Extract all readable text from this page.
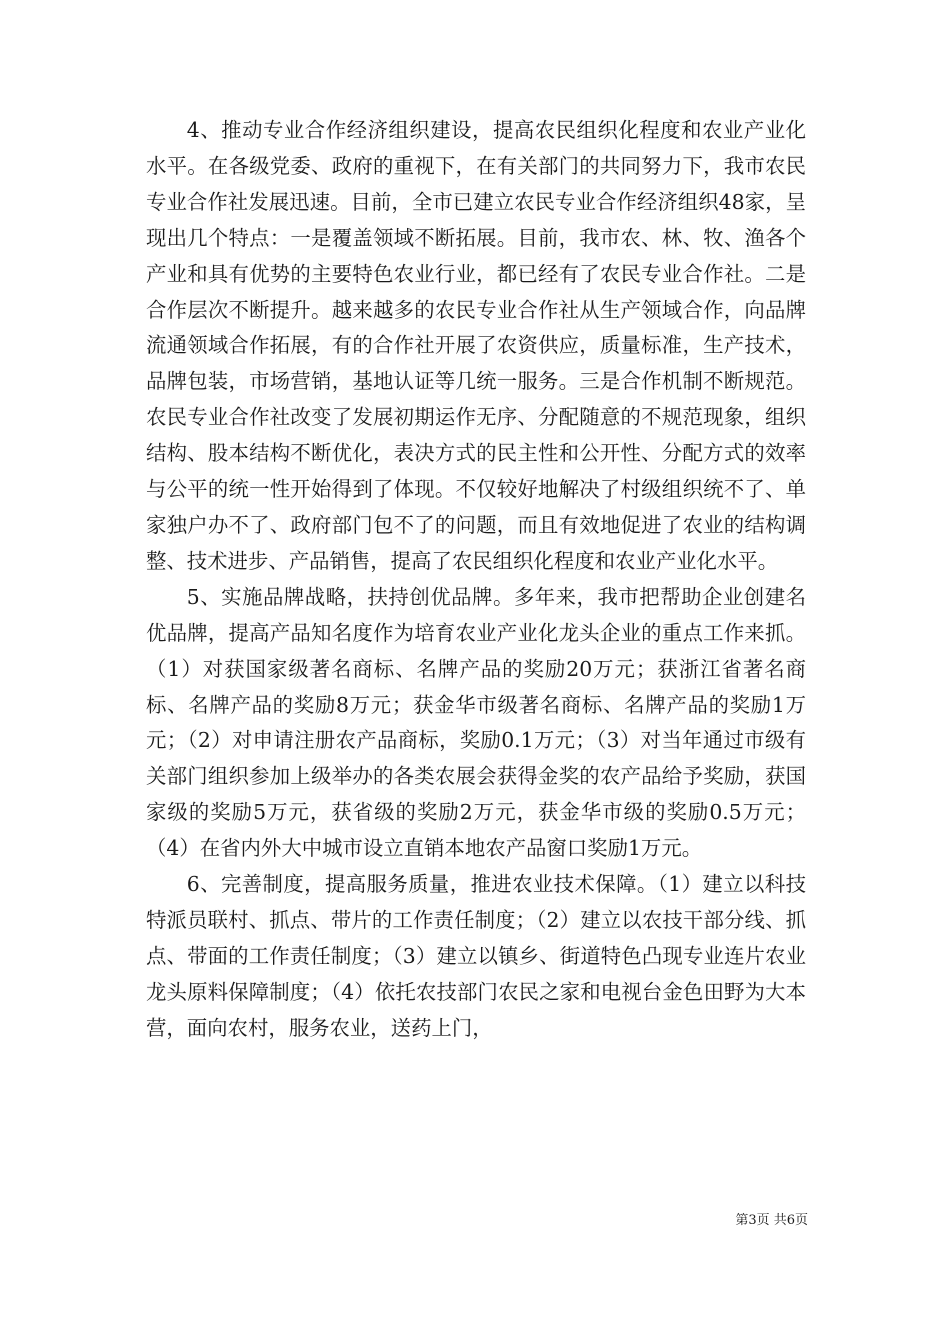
4、推动专业合作经济组织建设，提高农民组织化程度和农业产业化水平。在各级党委、政府的重视下，在有关部门的共同努力下，我市农民专业合作社发展迅速。目前，全市已建立农民专业合作经济组织48家，呈现出几个特点：一是覆盖领域不断拓展。目前，我市农、林、牧、渔各个产业和具有优势的主要特色农业行业，都已经有了农民专业合作社。二是合作层次不断提升。越来越多的农民专业合作社从生产领域合作，向品牌流通领域合作拓展，有的合作社开展了农资供应，质量标准，生产技术，品牌包装，市场营销，基地认证等几统一服务。三是合作机制不断规范。农民专业合作社改变了发展初期运作无序、分配随意的不规范现象，组织结构、股本结构不断优化，表决方式的民主性和公开性、分配方式的效率与公平的统一性开始得到了体现。不仅较好地解决了村级组织统不了、单家独户办不了、政府部门包不了的问题，而且有效地促进了农业的结构调整、技术进步、产品销售，提高了农民组织化程度和农业产业化水平。

5、实施品牌战略，扶持创优品牌。多年来，我市把帮助企业创建名优品牌，提高产品知名度作为培育农业产业化龙头企业的重点工作来抓。（1）对获国家级著名商标、名牌产品的奖励20万元；获浙江省著名商标、名牌产品的奖励8万元；获金华市级著名商标、名牌产品的奖励1万元；（2）对申请注册农产品商标，奖励0.1万元；（3）对当年通过市级有关部门组织参加上级举办的各类农展会获得金奖的农产品给予奖励，获国家级的奖励5万元，获省级的奖励2万元，获金华市级的奖励0.5万元；（4）在省内外大中城市设立直销本地农产品窗口奖励1万元。

6、完善制度，提高服务质量，推进农业技术保障。（1）建立以科技特派员联村、抓点、带片的工作责任制度；（2）建立以农技干部分线、抓点、带面的工作责任制度；（3）建立以镇乡、街道特色凸现专业连片农业龙头原料保障制度；（4）依托农技部门农民之家和电视台金色田野为大本营，面向农村，服务农业，送药上门，

第3页 共6页
